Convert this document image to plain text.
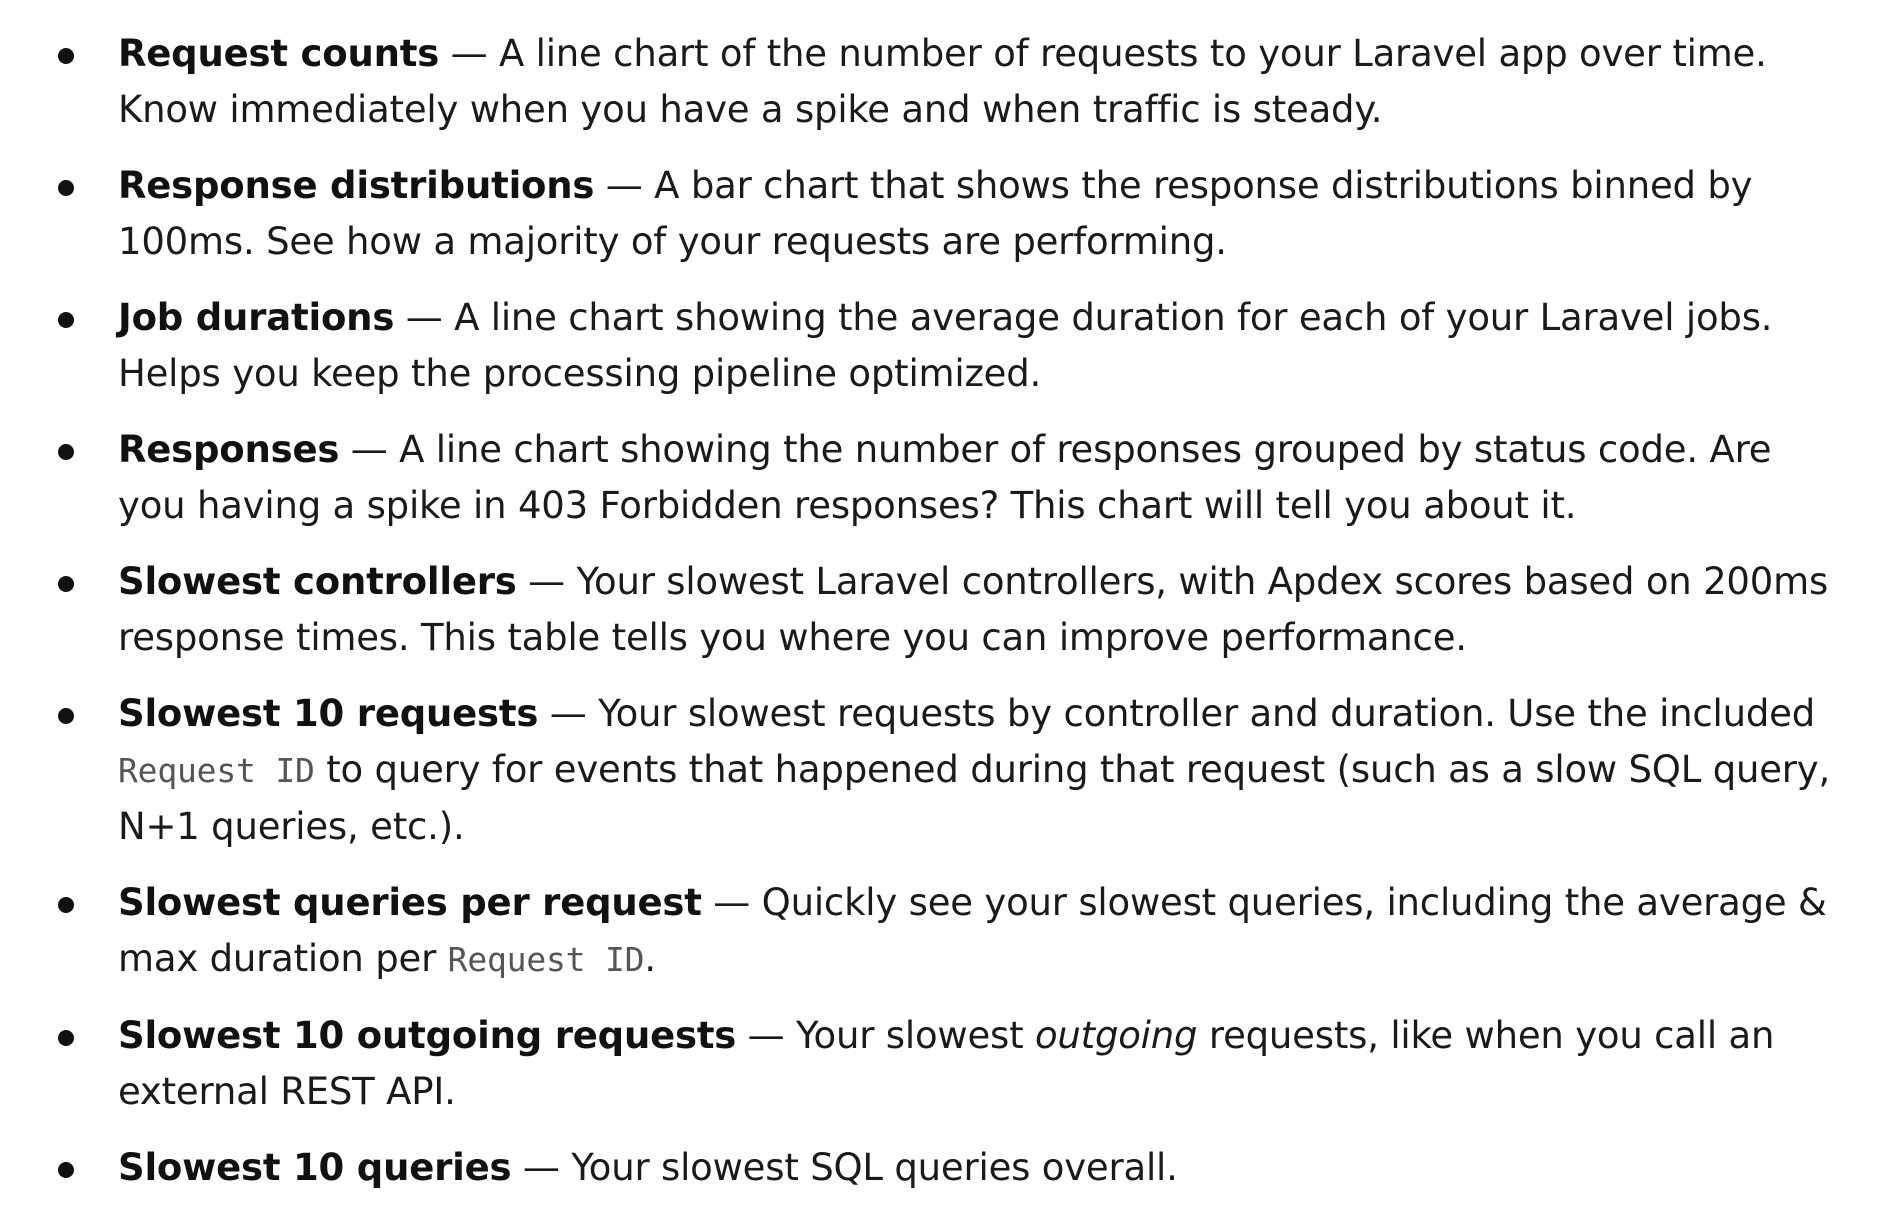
Request counts — A line chart of the number of requests to your Laravel app over time. Know immediately when you have a spike and when traffic is steady.
Response distributions — A bar chart that shows the response distributions binned by 100ms. See how a majority of your requests are performing.
Job durations — A line chart showing the average duration for each of your Laravel jobs. Helps you keep the processing pipeline optimized.
Responses — A line chart showing the number of responses grouped by status code. Are you having a spike in 403 Forbidden responses? This chart will tell you about it.
Slowest controllers — Your slowest Laravel controllers, with Apdex scores based on 200ms response times. This table tells you where you can improve performance.
Slowest 10 requests — Your slowest requests by controller and duration. Use the included Request ID to query for events that happened during that request (such as a slow SQL query, N+1 queries, etc.).
Slowest queries per request — Quickly see your slowest queries, including the average & max duration per Request ID.
Slowest 10 outgoing requests — Your slowest outgoing requests, like when you call an external REST API.
Slowest 10 queries — Your slowest SQL queries overall.
